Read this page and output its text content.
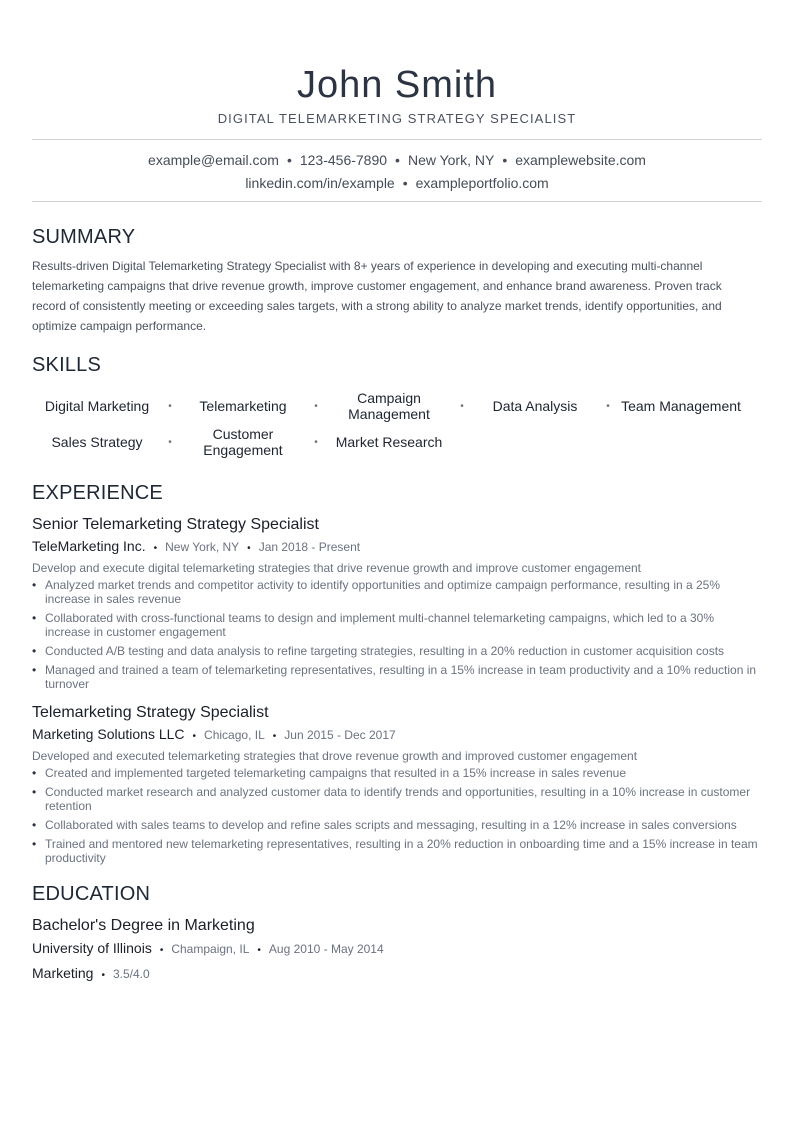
John Smith
DIGITAL TELEMARKETING STRATEGY SPECIALIST
example@email.com • 123-456-7890 • New York, NY • examplewebsite.com
linkedin.com/in/example • exampleportfolio.com
SUMMARY
Results-driven Digital Telemarketing Strategy Specialist with 8+ years of experience in developing and executing multi-channel telemarketing campaigns that drive revenue growth, improve customer engagement, and enhance brand awareness. Proven track record of consistently meeting or exceeding sales targets, with a strong ability to analyze market trends, identify opportunities, and optimize campaign performance.
SKILLS
Digital Marketing	•	Telemarketing	•	Campaign Management	•	Data Analysis	• Team Management
Sales Strategy	•	Customer Engagement	•	Market Research
EXPERIENCE
Senior Telemarketing Strategy Specialist
TeleMarketing Inc. • New York, NY • Jan 2018 - Present
Develop and execute digital telemarketing strategies that drive revenue growth and improve customer engagement
• Analyzed market trends and competitor activity to identify opportunities and optimize campaign performance, resulting in a 25% increase in sales revenue
• Collaborated with cross-functional teams to design and implement multi-channel telemarketing campaigns, which led to a 30% increase in customer engagement
• Conducted A/B testing and data analysis to refine targeting strategies, resulting in a 20% reduction in customer acquisition costs
• Managed and trained a team of telemarketing representatives, resulting in a 15% increase in team productivity and a 10% reduction in turnover
Telemarketing Strategy Specialist
Marketing Solutions LLC • Chicago, IL • Jun 2015 - Dec 2017
Developed and executed telemarketing strategies that drove revenue growth and improved customer engagement
• Created and implemented targeted telemarketing campaigns that resulted in a 15% increase in sales revenue
• Conducted market research and analyzed customer data to identify trends and opportunities, resulting in a 10% increase in customer retention
• Collaborated with sales teams to develop and refine sales scripts and messaging, resulting in a 12% increase in sales conversions
• Trained and mentored new telemarketing representatives, resulting in a 20% reduction in onboarding time and a 15% increase in team productivity
EDUCATION
Bachelor's Degree in Marketing
University of Illinois • Champaign, IL • Aug 2010 - May 2014
Marketing • 3.5/4.0
